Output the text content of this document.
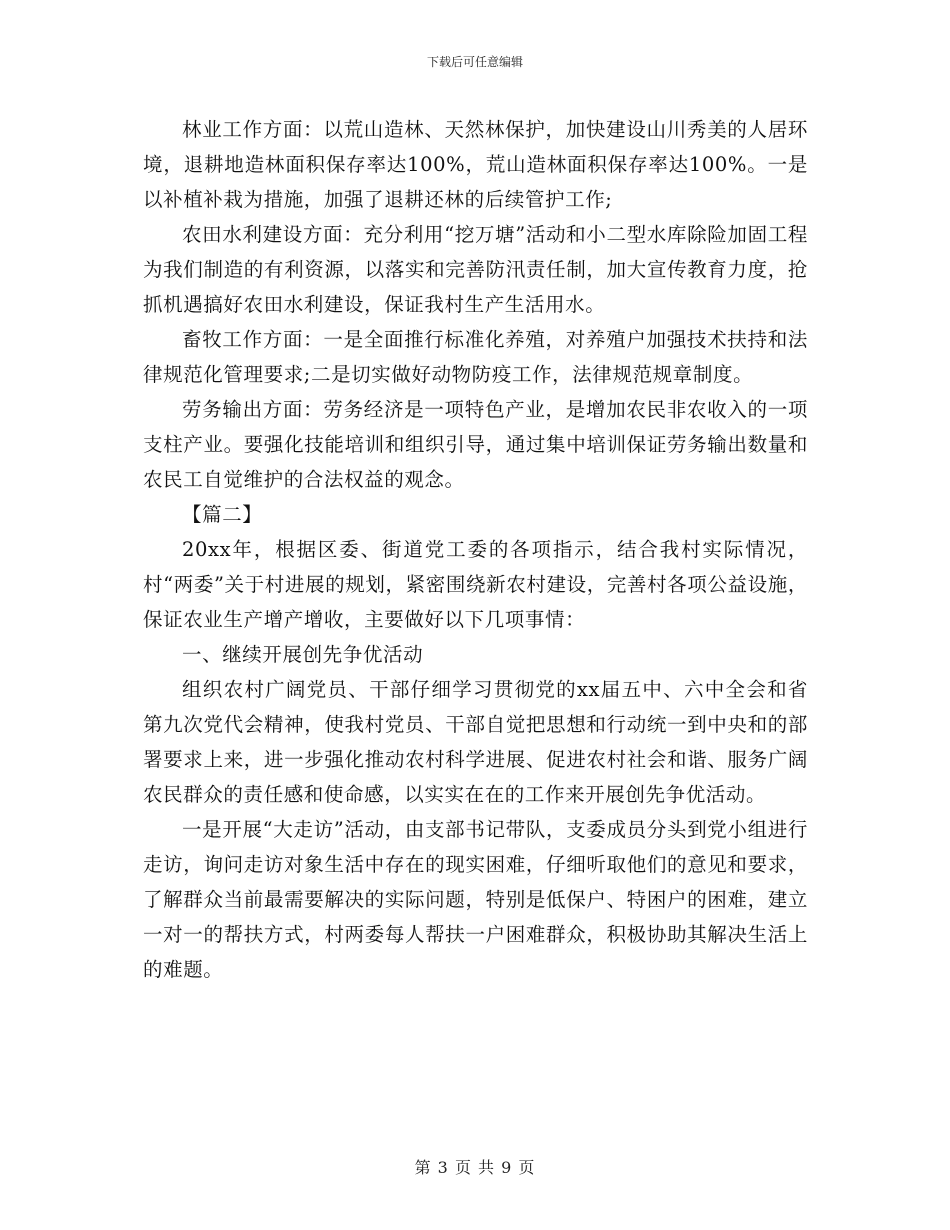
下载后可任意编辑

林业工作方面：以荒山造林、天然林保护，加快建设山川秀美的人居环境，退耕地造林面积保存率达100%，荒山造林面积保存率达100%。一是以补植补栽为措施，加强了退耕还林的后续管护工作;

农田水利建设方面：充分利用“挖万塘”活动和小二型水库除险加固工程为我们制造的有利资源，以落实和完善防汛责任制，加大宣传教育力度，抢抓机遇搞好农田水利建设，保证我村生产生活用水。

畜牧工作方面：一是全面推行标准化养殖，对养殖户加强技术扶持和法律规范化管理要求;二是切实做好动物防疫工作，法律规范规章制度。

劳务输出方面：劳务经济是一项特色产业，是增加农民非农收入的一项支柱产业。要强化技能培训和组织引导，通过集中培训保证劳务输出数量和农民工自觉维护的合法权益的观念。

【篇二】

20xx年，根据区委、街道党工委的各项指示，结合我村实际情况，村“两委”关于村进展的规划，紧密围绕新农村建设，完善村各项公益设施，保证农业生产增产增收，主要做好以下几项事情：

一、继续开展创先争优活动

组织农村广阔党员、干部仔细学习贯彻党的xx届五中、六中全会和省第九次党代会精神，使我村党员、干部自觉把思想和行动统一到中央和的部署要求上来，进一步强化推动农村科学进展、促进农村社会和谐、服务广阔农民群众的责任感和使命感，以实实在在的工作来开展创先争优活动。

一是开展“大走访”活动，由支部书记带队，支委成员分头到党小组进行走访，询问走访对象生活中存在的现实困难，仔细听取他们的意见和要求，了解群众当前最需要解决的实际问题，特别是低保户、特困户的困难，建立一对一的帮扶方式，村两委每人帮扶一户困难群众，积极协助其解决生活上的难题。

第 3 页 共 9 页
